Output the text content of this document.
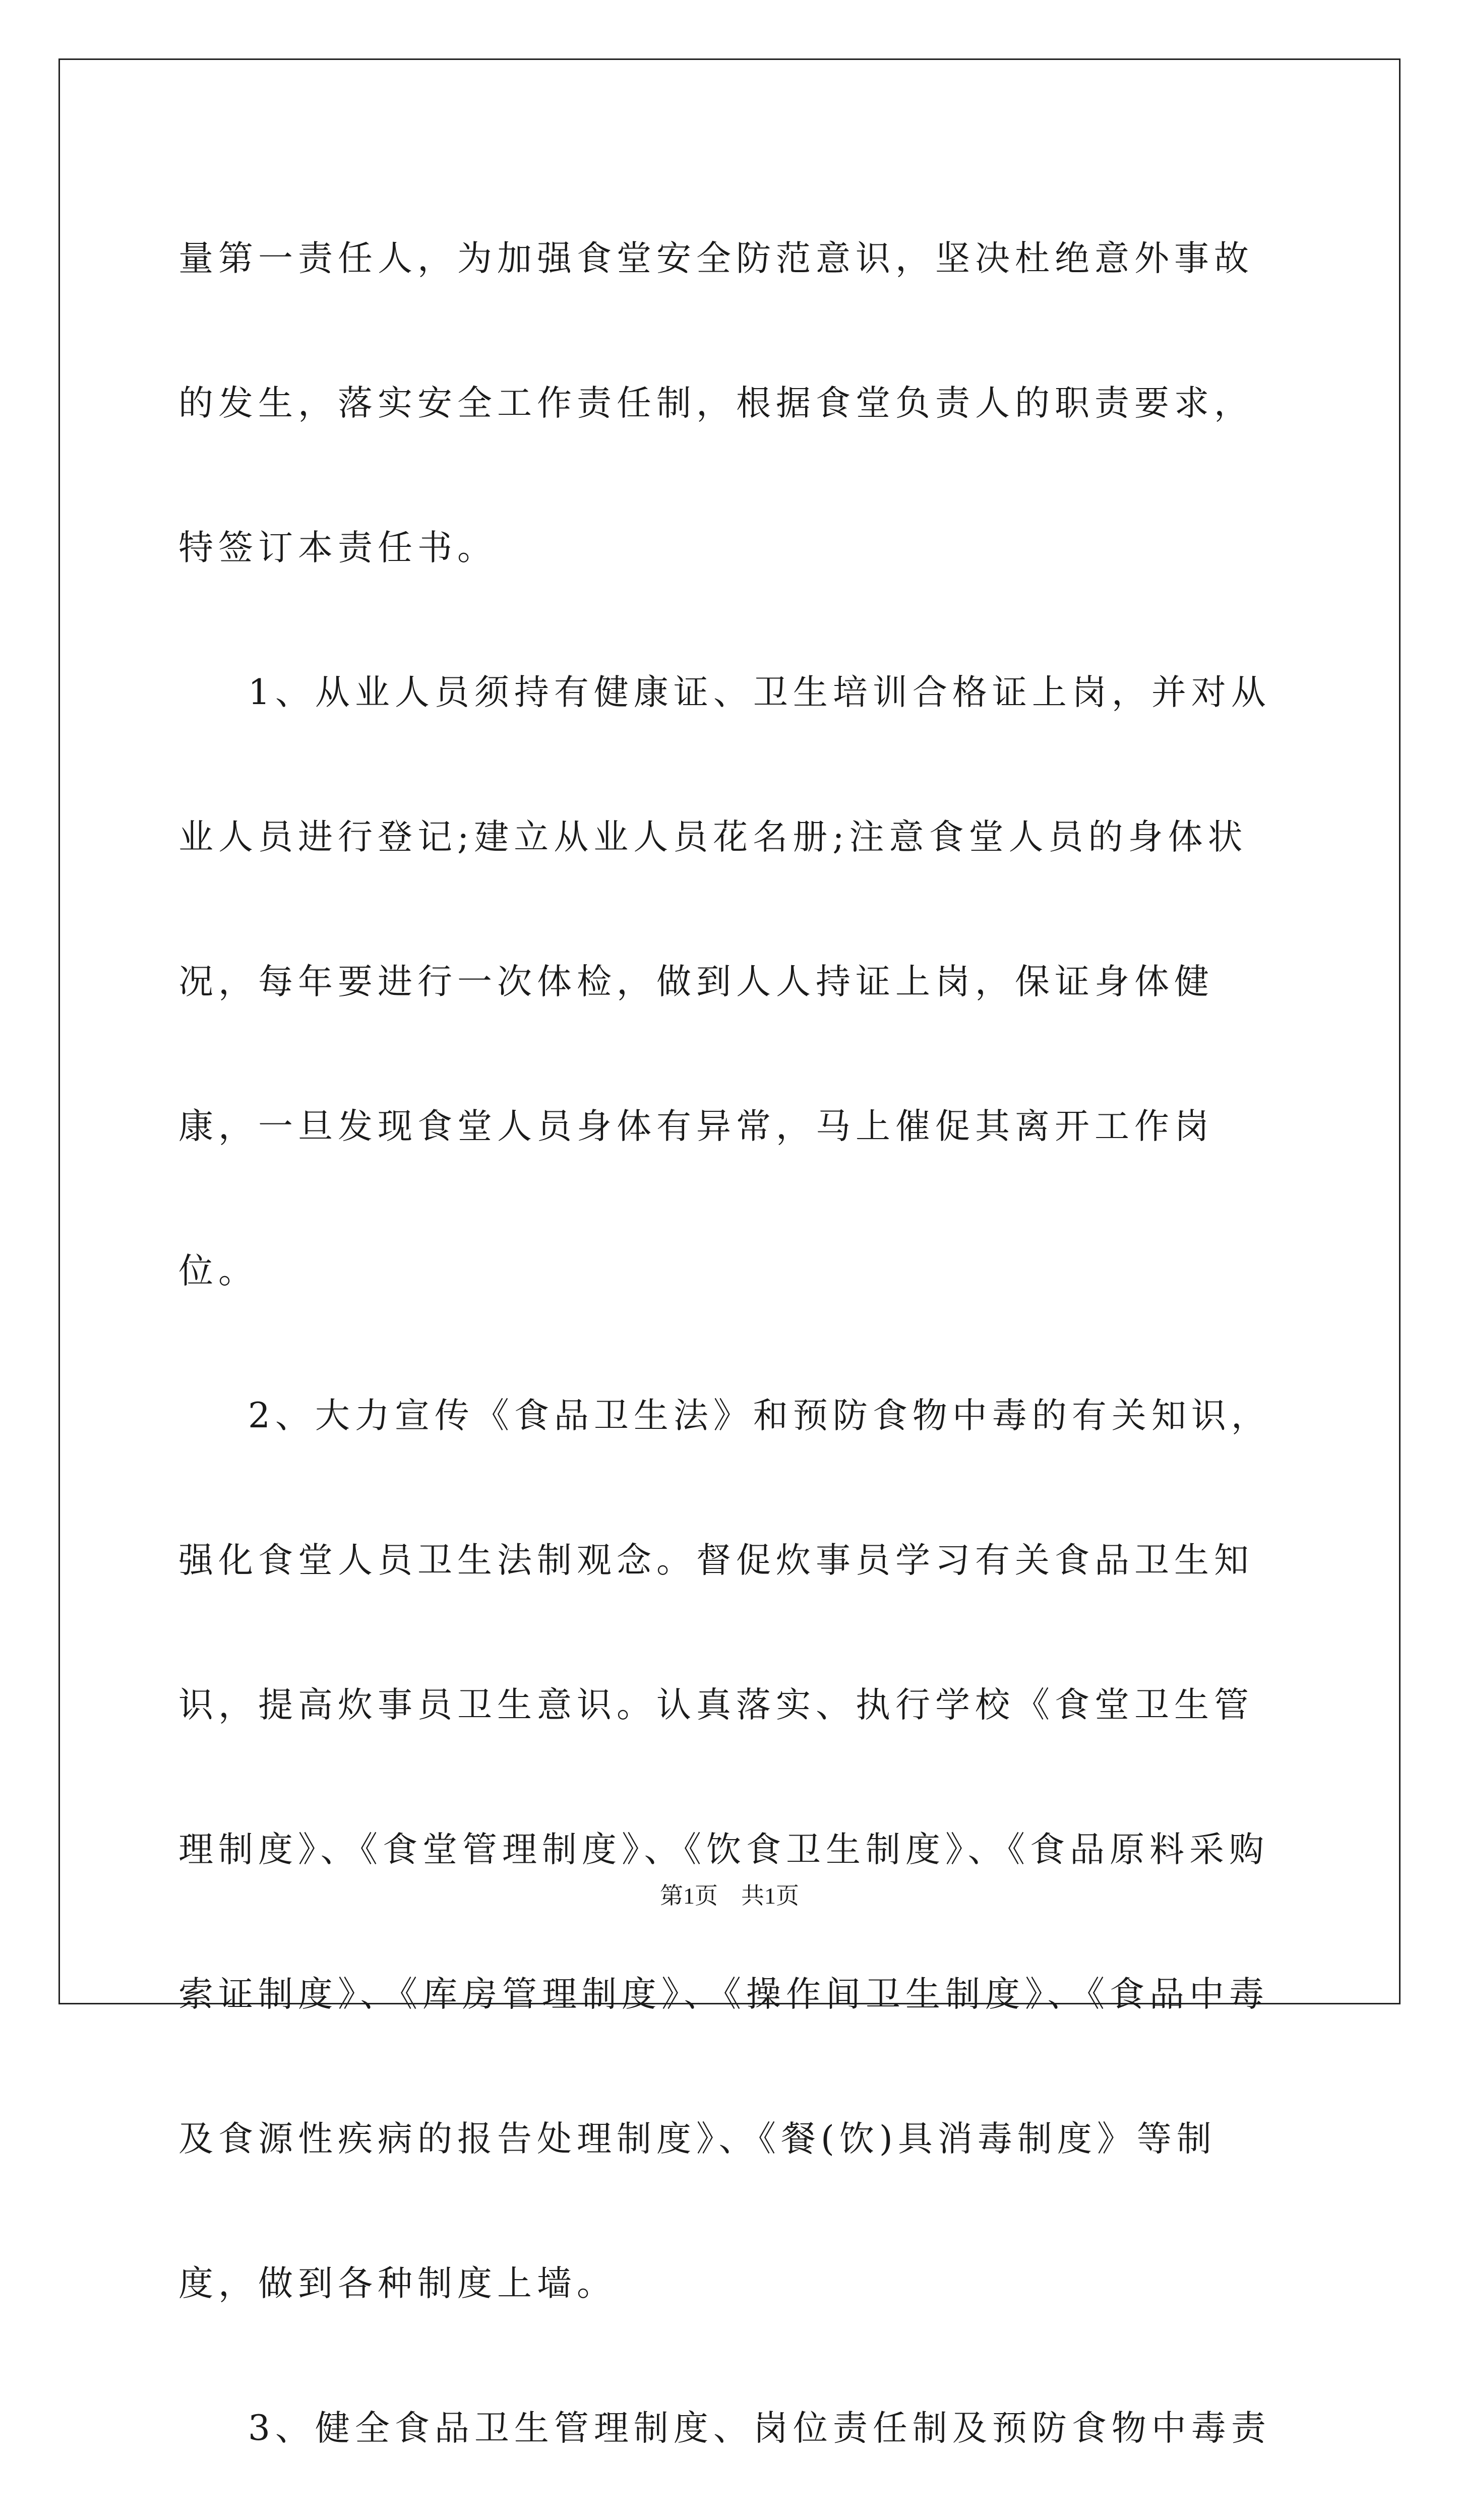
量第一责任人，为加强食堂安全防范意识，坚决杜绝意外事故的发生，落实安全工作责任制，根据食堂负责人的职责要求，特签订本责任书。

1、从业人员须持有健康证、卫生培训合格证上岗，并对从业人员进行登记;建立从业人员花名册;注意食堂人员的身体状况，每年要进行一次体检，做到人人持证上岗，保证身体健康，一旦发现食堂人员身体有异常，马上催促其离开工作岗位。

2、大力宣传《食品卫生法》和预防食物中毒的有关知识，强化食堂人员卫生法制观念。督促炊事员学习有关食品卫生知识，提高炊事员卫生意识。认真落实、执行学校《食堂卫生管理制度》、《食堂管理制度》、《饮食卫生制度》、《食品原料采购索证制度》、《库房管理制度》、《操作间卫生制度》、《食品中毒及食源性疾病的报告处理制度》、《餐(饮)具消毒制度》等制度，做到各种制度上墙。

3、健全食品卫生管理制度、岗位责任制及预防食物中毒责

第1页　共1页
